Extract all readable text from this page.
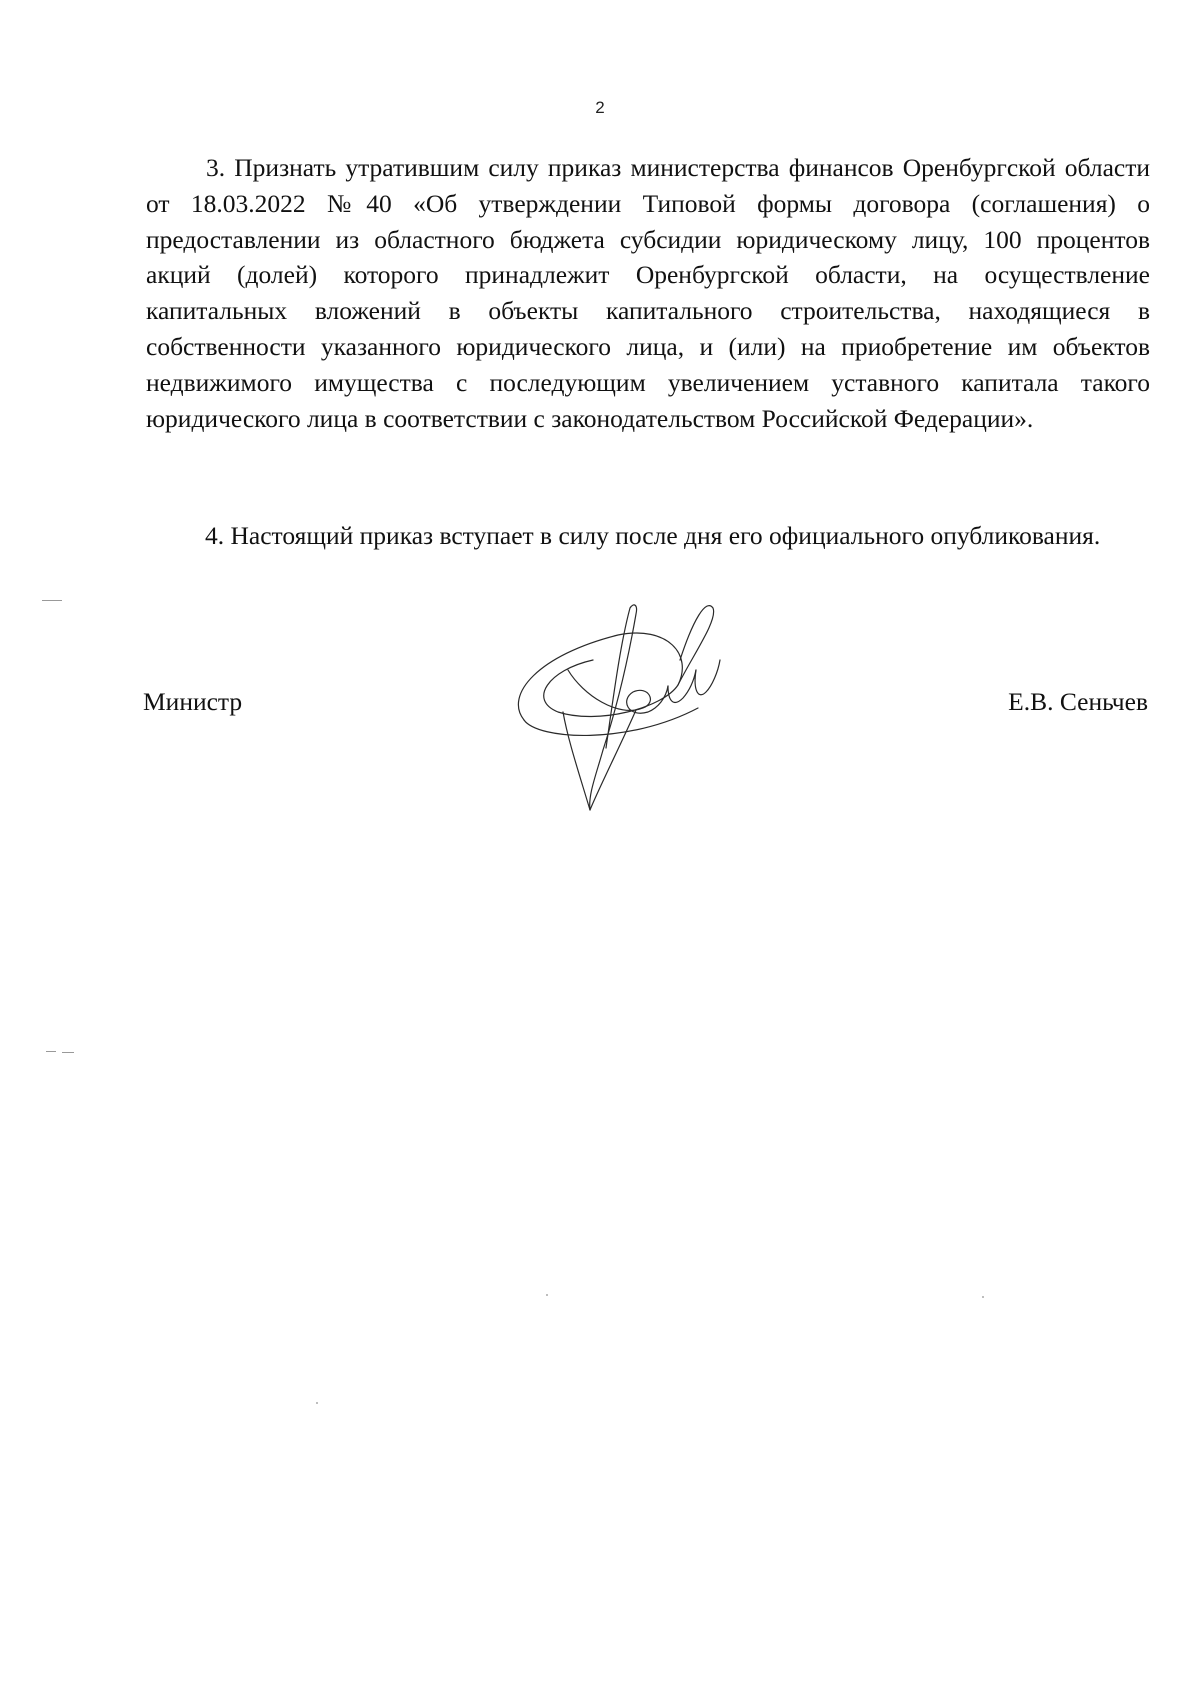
2
3. Признать утратившим силу приказ министерства финансов Оренбургской области от 18.03.2022 №40 «Об утверждении Типовой формы договора (соглашения) о предоставлении из областного бюджета субсидии юридическому лицу, 100 процентов акций (долей) которого принадлежит Оренбургской области, на осуществление капитальных вложений в объекты капитального строительства, находящиеся в собственности указанного юридического лица, и (или) на приобретение им объектов недвижимого имущества с последующим увеличением уставного капитала такого юридического лица в соответствии с законодательством Российской Федерации».
4. Настоящий приказ вступает в силу после дня его официального опубликования.
Министр	Е.В. Сеньчев
